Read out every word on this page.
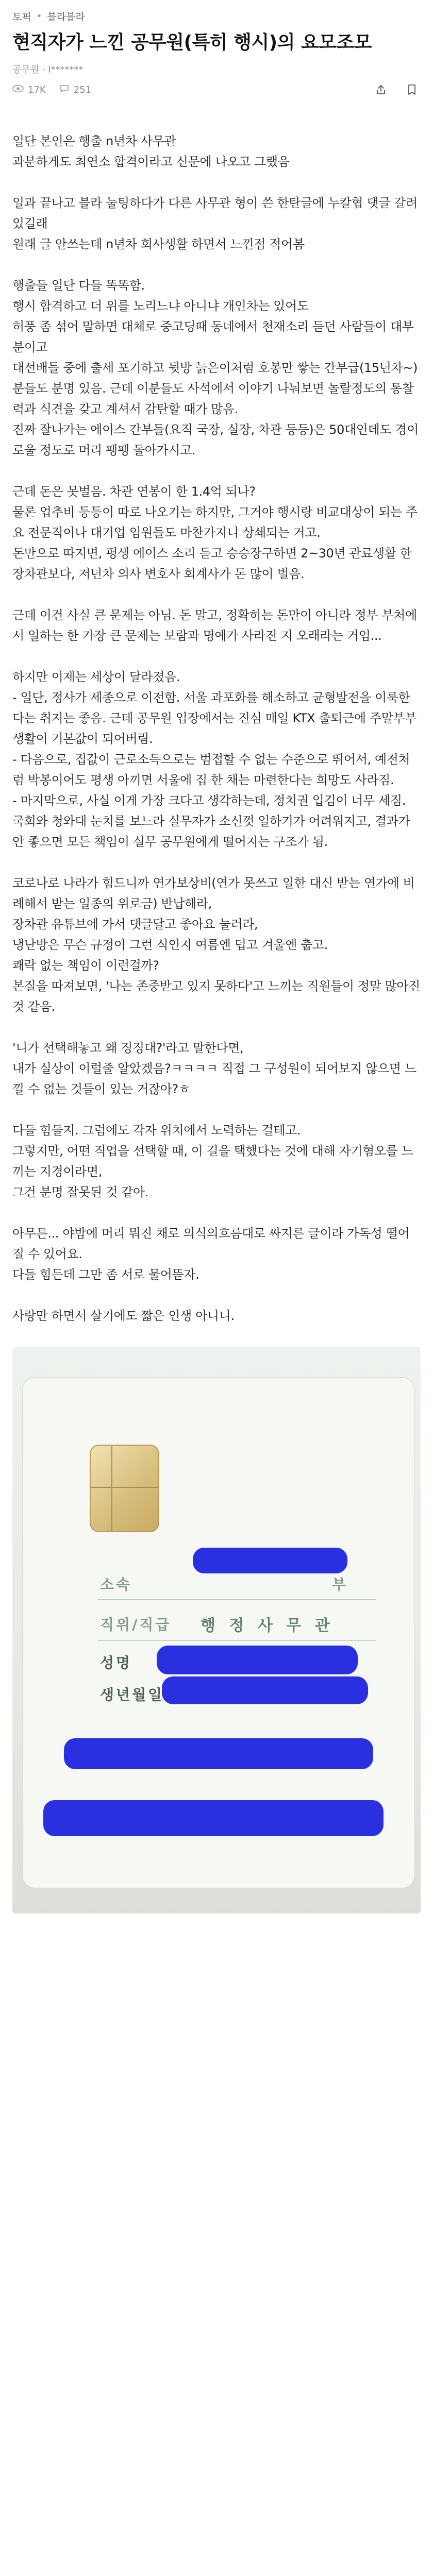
토픽 • 블라블라
현직자가 느낀 공무원(특히 행시)의 요모조모
공무원 · l*******
17K	251

일단 본인은 행출 n년차 사무관
과분하게도 최연소 합격이라고 신문에 나오고 그랬음

일과 끝나고 블라 눌팅하다가 다른 사무관 형이 쓴 한탄글에 누칼협 댓글 갈려있길래
원래 글 안쓰는데 n년차 회사생활 하면서 느낀점 적어봄

행출들 일단 다들 똑똑함.
행시 합격하고 더 위를 노리느냐 아니냐 개인차는 있어도
허풍 좀 섞어 말하면 대체로 중고딩때 동네에서 천재소리 듣던 사람들이 대부분이고
대선배들 중에 출세 포기하고 뒷방 늙은이처럼 호봉만 쌓는 간부급(15년차~)분들도 분명 있음. 근데 이분들도 사석에서 이야기 나눠보면 놀랄정도의 통찰력과 식견을 갖고 계셔서 감탄할 때가 많음.
진짜 잘나가는 에이스 간부들(요직 국장, 실장, 차관 등등)은 50대인데도 경이로울 정도로 머리 팽팽 돌아가시고.

근데 돈은 못벌음. 차관 연봉이 한 1.4억 되나?
물론 업추비 등등이 따로 나오기는 하지만, 그거야 행시랑 비교대상이 되는 주요 전문직이나 대기업 임원들도 마찬가지니 상쇄되는 거고.
돈만으로 따지면, 평생 에이스 소리 듣고 승승장구하면 2~30년 관료생활 한 장차관보다, 저년차 의사 변호사 회계사가 돈 많이 벌음.

근데 이건 사실 큰 문제는 아님. 돈 말고, 정확히는 돈만이 아니라 정부 부처에서 일하는 한 가장 큰 문제는 보람과 명예가 사라진 지 오래라는 거임...

하지만 이제는 세상이 달라졌음.
- 일단, 정사가 세종으로 이전함. 서울 과포화를 해소하고 균형발전을 이룩한다는 취지는 좋음. 근데 공무원 입장에서는 진심 매일 KTX 출퇴근에 주말부부 생활이 기본값이 되어버림.
- 다음으로, 집값이 근로소득으로는 범접할 수 없는 수준으로 뛰어서, 예전처럼 박봉이어도 평생 아끼면 서울에 집 한 채는 마련한다는 희망도 사라짐.
- 마지막으로, 사실 이게 가장 크다고 생각하는데, 정치권 입김이 너무 세짐. 국회와 청와대 눈치를 보느라 실무자가 소신껏 일하기가 어려워지고, 결과가 안 좋으면 모든 책임이 실무 공무원에게 떨어지는 구조가 됨.

코로나로 나라가 힘드니까 연가보상비(연가 못쓰고 일한 대신 받는 연가에 비례해서 받는 일종의 위로금) 반납해라,
장차관 유튜브에 가서 댓글달고 좋아요 눌러라,
냉난방은 무슨 규정이 그런 식인지 여름엔 덥고 겨울엔 춥고.
쾌락 없는 책임이 이런걸까?
본질을 따져보면, '나는 존중받고 있지 못하다'고 느끼는 직원들이 정말 많아진 것 같음.

'니가 선택해놓고 왜 징징대?'라고 말한다면,
내가 실상이 이럴줄 알았겠음?ㅋㅋㅋㅋ 직접 그 구성원이 되어보지 않으면 느낄 수 없는 것들이 있는 거잖아?ㅎ

다들 힘들지. 그럼에도 각자 위치에서 노력하는 걸테고.
그렇지만, 어떤 직업을 선택할 때, 이 길을 택했다는 것에 대해 자기혐오를 느끼는 지경이라면,
그건 분명 잘못된 것 같아.

아무튼... 야밤에 머리 뭐진 채로 의식의흐름대로 싸지른 글이라 가독성 떨어질 수 있어요.
다들 힘든데 그만 좀 서로 물어뜯자.

사랑만 하면서 살기에도 짧은 인생 아니니.

소속	부
직위/직급 행 정 사 무 관
성명
생년월일
